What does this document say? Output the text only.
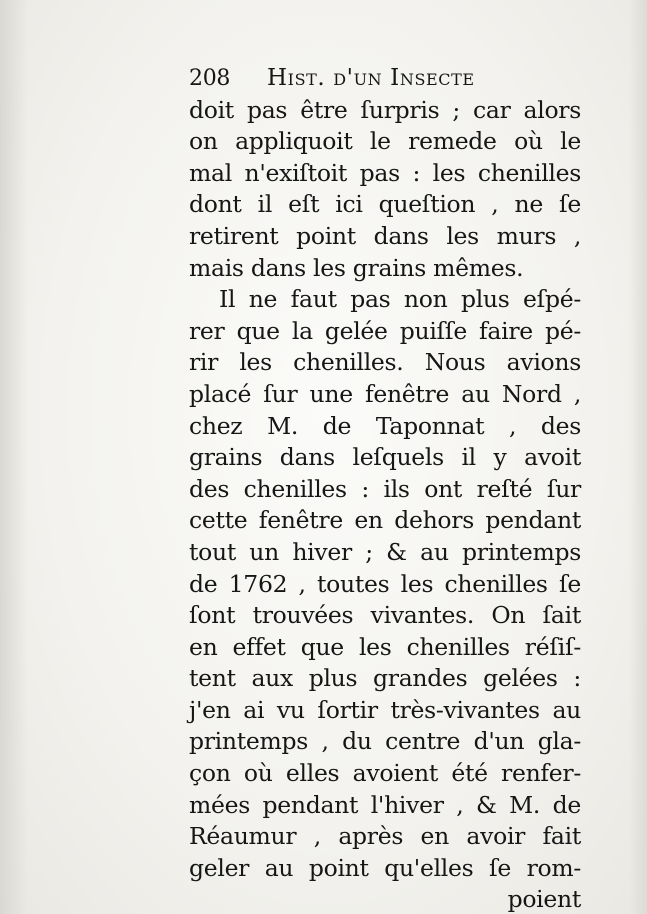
208	Hist. d'un Insecte
doit pas être ſurpris ; car alors
on appliquoit le remede où le
mal n'exiſtoit pas : les chenilles
dont il eſt ici queſtion , ne ſe
retirent point dans les murs ,
mais dans les grains mêmes.
Il ne faut pas non plus eſpé-
rer que la gelée puiſſe faire pé-
rir les chenilles. Nous avions
placé ſur une fenêtre au Nord ,
chez M. de Taponnat , des
grains dans leſquels il y avoit
des chenilles : ils ont reſté ſur
cette fenêtre en dehors pendant
tout un hiver ; & au printemps
de 1762 , toutes les chenilles ſe
ſont trouvées vivantes. On ſait
en effet que les chenilles réſiſ-
tent aux plus grandes gelées :
j'en ai vu ſortir très-vivantes au
printemps , du centre d'un gla-
çon où elles avoient été renfer-
mées pendant l'hiver , & M. de
Réaumur , après en avoir fait
geler au point qu'elles ſe rom-
poient
